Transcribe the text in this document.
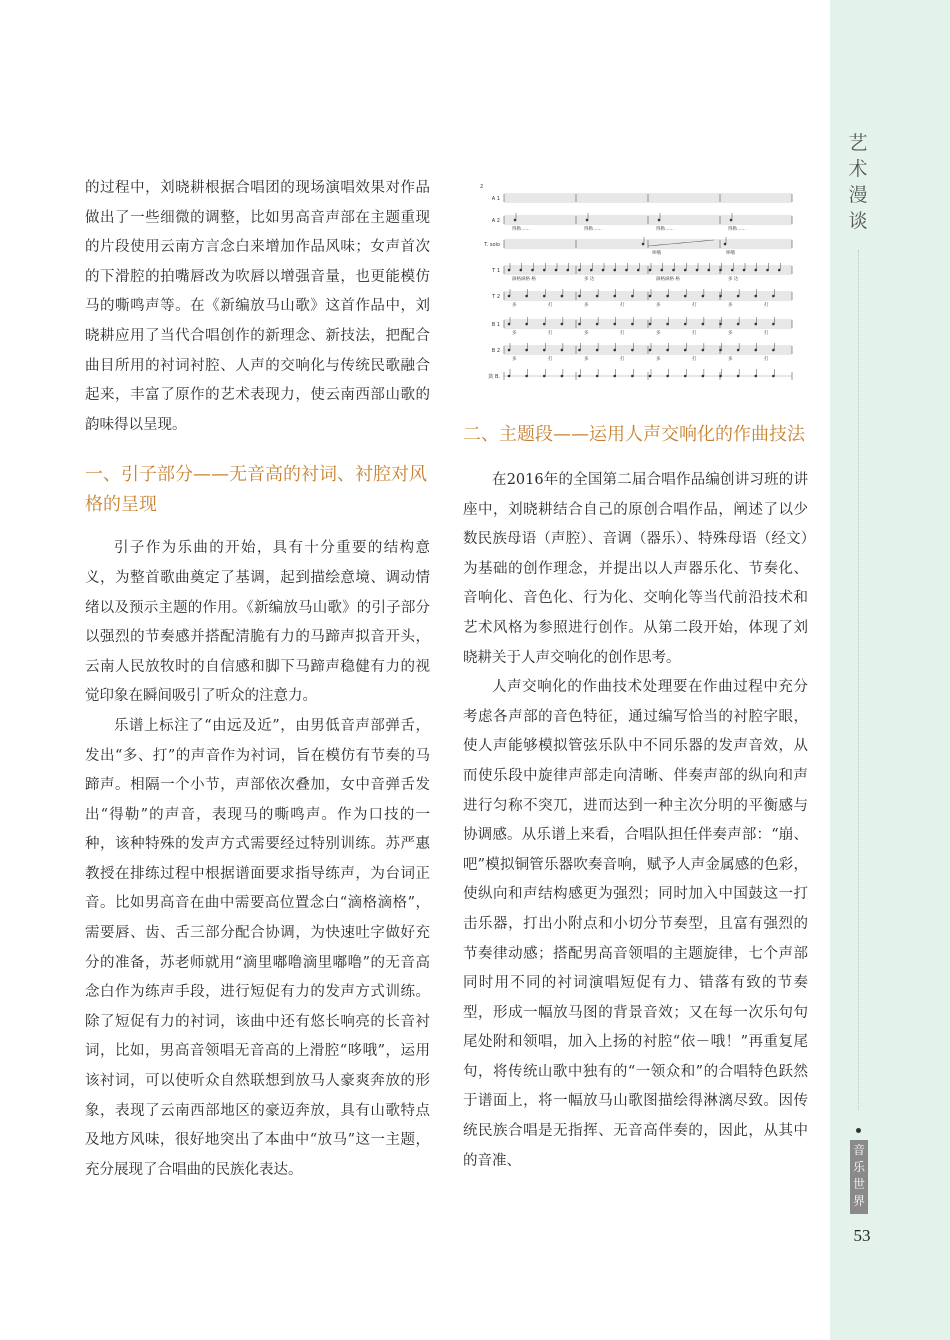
艺术漫谈
音乐世界
53

的过程中，刘晓耕根据合唱团的现场演唱效果对作品做出了一些细微的调整，比如男高音声部在主题重现的片段使用云南方言念白来增加作品风味；女声首次的下滑腔的拍嘴唇改为吹唇以增强音量，也更能模仿马的嘶鸣声等。在《新编放马山歌》这首作品中，刘晓耕应用了当代合唱创作的新理念、新技法，把配合曲目所用的衬词衬腔、人声的交响化与传统民歌融合起来，丰富了原作的艺术表现力，使云南西部山歌的韵味得以呈现。

一、引子部分——无音高的衬词、衬腔对风格的呈现

引子作为乐曲的开始，具有十分重要的结构意义，为整首歌曲奠定了基调，起到描绘意境、调动情绪以及预示主题的作用。《新编放马山歌》的引子部分以强烈的节奏感并搭配清脆有力的马蹄声拟音开头，云南人民放牧时的自信感和脚下马蹄声稳健有力的视觉印象在瞬间吸引了听众的注意力。

乐谱上标注了“由远及近”，由男低音声部弹舌，发出“多、打”的声音作为衬词，旨在模仿有节奏的马蹄声。相隔一个小节，声部依次叠加，女中音弹舌发出“得勒”的声音，表现马的嘶鸣声。作为口技的一种，该种特殊的发声方式需要经过特别训练。苏严惠教授在排练过程中根据谱面要求指导练声，为台词正音。比如男高音在曲中需要高位置念白“滴格滴格”，需要唇、齿、舌三部分配合协调，为快速吐字做好充分的准备，苏老师就用“滴里嘟噜滴里嘟噜”的无音高念白作为练声手段，进行短促有力的发声方式训练。除了短促有力的衬词，该曲中还有悠长响亮的长音衬词，比如，男高音领唱无音高的上滑腔“哆哦”，运用该衬词，可以使听众自然联想到放马人豪爽奔放的形象，表现了云南西部地区的豪迈奔放，具有山歌特点及地方风味，很好地突出了本曲中“放马”这一主题，充分展现了合唱曲的民族化表达。

2
A 1
A 2
T. solo
T 1
T 2
B 1
B 2
鼓 B.
得勒……	得勒……	得勒……	得勒……
哆哦	哆哦
滴格滴格 格	多 达	滴格滴格 格	多 达
多	打	多	打	多	打	多	打
多	打	多	打	多	打	多	打
多	打	多	打	多	打	多	打
二、主题段——运用人声交响化的作曲技法

在2016年的全国第二届合唱作品编创讲习班的讲座中，刘晓耕结合自己的原创合唱作品，阐述了以少数民族母语（声腔）、音调（器乐）、特殊母语（经文）为基础的创作理念，并提出以人声器乐化、节奏化、音响化、音色化、行为化、交响化等当代前沿技术和艺术风格为参照进行创作。从第二段开始，体现了刘晓耕关于人声交响化的创作思考。

人声交响化的作曲技术处理要在作曲过程中充分考虑各声部的音色特征，通过编写恰当的衬腔字眼，使人声能够模拟管弦乐队中不同乐器的发声音效，从而使乐段中旋律声部走向清晰、伴奏声部的纵向和声进行匀称不突兀，进而达到一种主次分明的平衡感与协调感。从乐谱上来看，合唱队担任伴奏声部：“崩、吧”模拟铜管乐器吹奏音响，赋予人声金属感的色彩，使纵向和声结构感更为强烈；同时加入中国鼓这一打击乐器，打出小附点和小切分节奏型，且富有强烈的节奏律动感；搭配男高音领唱的主题旋律，七个声部同时用不同的衬词演唱短促有力、错落有致的节奏型，形成一幅放马图的背景音效；又在每一次乐句句尾处附和领唱，加入上扬的衬腔“依－哦！”再重复尾句，将传统山歌中独有的“一领众和”的合唱特色跃然于谱面上，将一幅放马山歌图描绘得淋漓尽致。因传统民族合唱是无指挥、无音高伴奏的，因此，从其中的音准、
